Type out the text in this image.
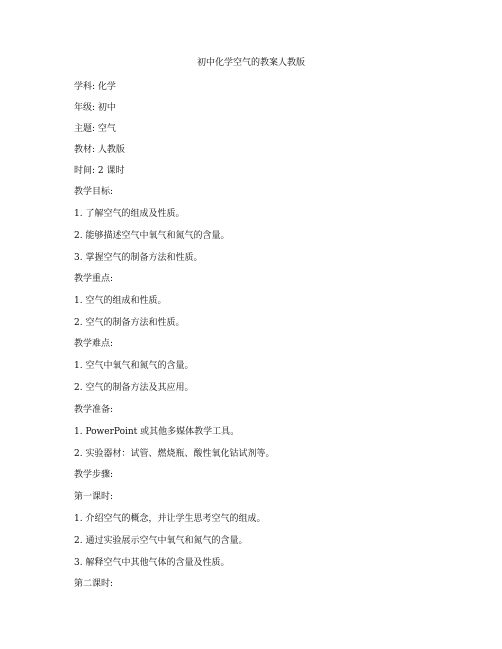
初中化学空气的教案人教版
学科: 化学
年级: 初中
主题: 空气
教材: 人教版
时间: 2 课时
教学目标:
1. 了解空气的组成及性质。
2. 能够描述空气中氧气和氮气的含量。
3. 掌握空气的制备方法和性质。
教学重点:
1. 空气的组成和性质。
2. 空气的制备方法和性质。
教学难点:
1. 空气中氧气和氮气的含量。
2. 空气的制备方法及其应用。
教学准备:
1. PowerPoint 或其他多媒体教学工具。
2. 实验器材：试管、燃烧瓶、酸性氧化钴试剂等。
教学步骤:
第一课时:
1. 介绍空气的概念，并让学生思考空气的组成。
2. 通过实验展示空气中氧气和氮气的含量。
3. 解释空气中其他气体的含量及性质。
第二课时:
